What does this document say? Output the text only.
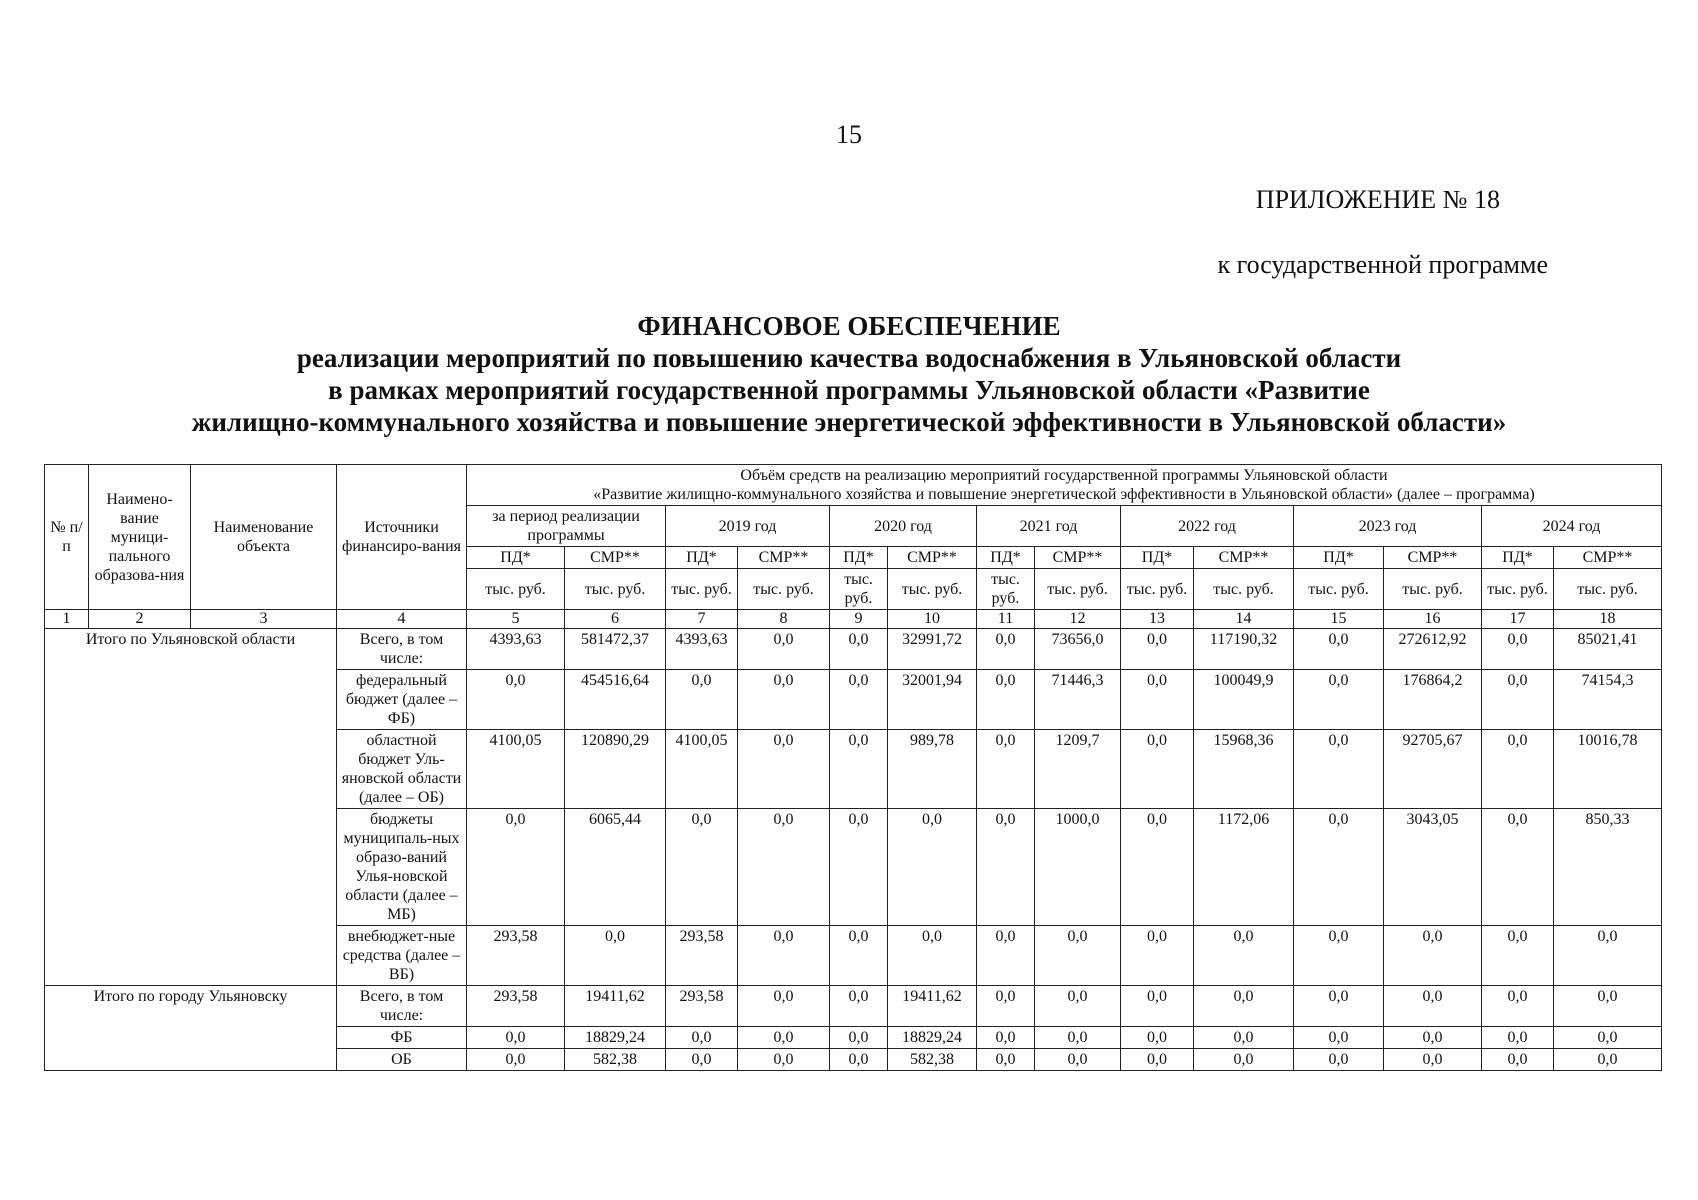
15
ПРИЛОЖЕНИЕ № 18
к государственной программе
ФИНАНСОВОЕ ОБЕСПЕЧЕНИЕ
реализации мероприятий по повышению качества водоснабжения в Ульяновской области
в рамках мероприятий государственной программы Ульяновской области «Развитие
жилищно-коммунального хозяйства и повышение энергетической эффективности в Ульяновской области»
№ п/п	Наимено-вание муници-пального образова-ния	Наименование объекта	Источники финансиро-вания	Объём средств на реализацию мероприятий государственной программы Ульяновской области
«Развитие жилищно-коммунального хозяйства и повышение энергетической эффективности в Ульяновской области» (далее – программа)													

				за период реализации программы		2019 год		2020 год		2021 год		2022 год		2023 год		2024 год	
				ПД*	СМР**	ПД*	СМР**	ПД*	СМР**	ПД*	СМР**	ПД*	СМР**	ПД*	СМР**	ПД*	СМР**
				тыс. руб.	тыс. руб.	тыс. руб.	тыс. руб.	тыс. руб.	тыс. руб.	тыс. руб.	тыс. руб.	тыс. руб.	тыс. руб.	тыс. руб.	тыс. руб.	тыс. руб.	тыс. руб.
1	2	3	4	5	6	7	8	9	10	11	12	13	14	15	16	17	18
Итого по Ульяновской области			Всего, в том числе:	4393,63	581472,37	4393,63	0,0	0,0	32991,72	0,0	73656,0	0,0	117190,32	0,0	272612,92	0,0	85021,41
			федеральный бюджет (далее – ФБ)	0,0	454516,64	0,0	0,0	0,0	32001,94	0,0	71446,3	0,0	100049,9	0,0	176864,2	0,0	74154,3
			областной бюджет Уль-яновской области (далее – ОБ)	4100,05	120890,29	4100,05	0,0	0,0	989,78	0,0	1209,7	0,0	15968,36	0,0	92705,67	0,0	10016,78
			бюджеты муниципаль-ных образо-ваний Улья-новской области (далее – МБ)	0,0	6065,44	0,0	0,0	0,0	0,0	0,0	1000,0	0,0	1172,06	0,0	3043,05	0,0	850,33
			внебюджет-ные средства (далее – ВБ)	293,58	0,0	293,58	0,0	0,0	0,0	0,0	0,0	0,0	0,0	0,0	0,0	0,0	0,0
Итого по городу Ульяновску			Всего, в том числе:	293,58	19411,62	293,58	0,0	0,0	19411,62	0,0	0,0	0,0	0,0	0,0	0,0	0,0	0,0
			ФБ	0,0	18829,24	0,0	0,0	0,0	18829,24	0,0	0,0	0,0	0,0	0,0	0,0	0,0	0,0
			ОБ	0,0	582,38	0,0	0,0	0,0	582,38	0,0	0,0	0,0	0,0	0,0	0,0	0,0	0,0
